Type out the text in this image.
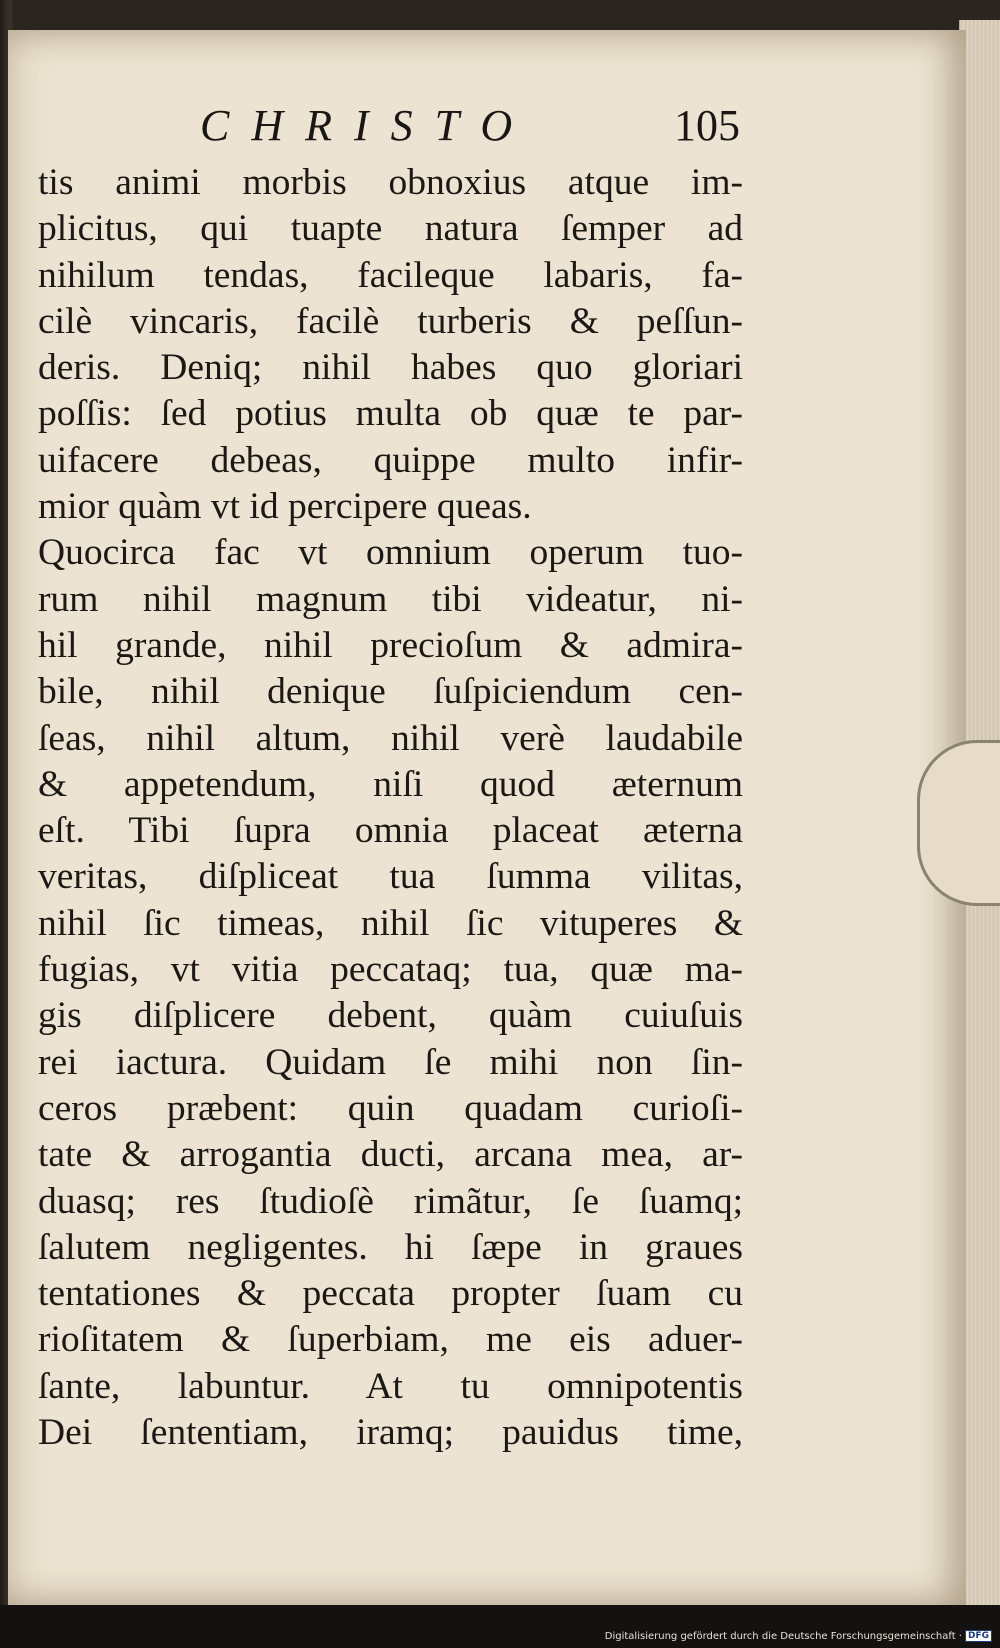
CHRISTO	105
tis animi morbis obnoxius atque im-
plicitus, qui tuapte natura ſemper ad
nihilum tendas, facileque labaris, fa-
cilè vincaris, facilè turberis & peſſun-
deris. Deniq; nihil habes quo gloriari
poſſis: ſed potius multa ob quæ te par-
uifacere debeas, quippe multo infir-
mior quàm vt id percipere queas.
Quocirca fac vt omnium operum tuo-
rum nihil magnum tibi videatur, ni-
hil grande, nihil precioſum & admira-
bile, nihil denique ſuſpiciendum cen-
ſeas, nihil altum, nihil verè laudabile
& appetendum, niſi quod æternum
eſt. Tibi ſupra omnia placeat æterna
veritas, diſpliceat tua ſumma vilitas,
nihil ſic timeas, nihil ſic vituperes &
fugias, vt vitia peccataq; tua, quæ ma-
gis diſplicere debent, quàm cuiuſuis
rei iactura. Quidam ſe mihi non ſin-
ceros præbent: quin quadam curioſi-
tate & arrogantia ducti, arcana mea, ar-
duasq; res ſtudioſè rimãtur, ſe ſuamq;
ſalutem negligentes. hi ſæpe in graues
tentationes & peccata propter ſuam cu
rioſitatem & ſuperbiam, me eis aduer-
ſante, labuntur. At tu omnipotentis
Dei ſententiam, iramq; pauidus time,
Digitalisierung gefördert durch die Deutsche Forschungsgemeinschaft · DFG
